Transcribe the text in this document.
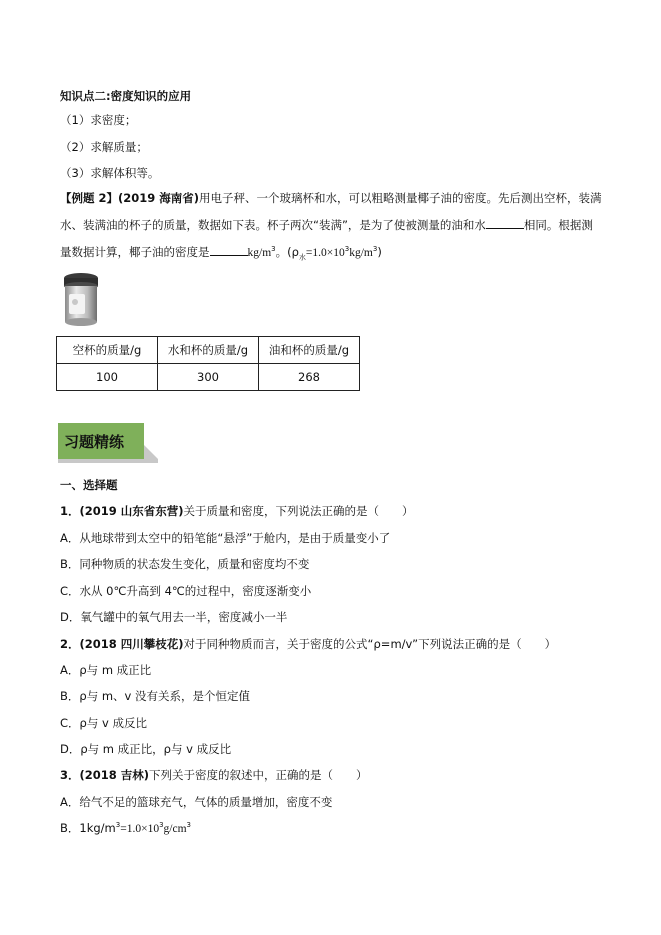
知识点二:密度知识的应用
（1）求密度；
（2）求解质量；
（3）求解体积等。
【例题 2】(2019 海南省)用电子秤、一个玻璃杯和水，可以粗略测量椰子油的密度。先后测出空杯，装满
水、装满油的杯子的质量，数据如下表。杯子两次“装满”，是为了使被测量的油和水	相同。根据测
量数据计算，椰子油的密度是	$kg/m^3$。$(\rho_水=1.0\times 10^3kg/m^3)$
空杯的质量/g	水和杯的质量/g	油和杯的质量/g
100	300	268
习题精练
一、选择题
1．(2019 山东省东营)关于质量和密度，下列说法正确的是（　　）
A．从地球带到太空中的铅笔能“悬浮”于舱内，是由于质量变小了
B．同种物质的状态发生变化，质量和密度均不变
C．水从 0℃升高到 4℃的过程中，密度逐渐变小
D．氧气罐中的氧气用去一半，密度减小一半
2．(2018 四川攀枝花)对于同种物质而言，关于密度的公式“ρ=m/v”下列说法正确的是（　　）
A．ρ与 m 成正比
B．ρ与 m、v 没有关系，是个恒定值
C．ρ与 v 成反比
D．ρ与 m 成正比，ρ与 v 成反比
3．(2018 吉林)下列关于密度的叙述中，正确的是（　　）
A．给气不足的篮球充气，气体的质量增加，密度不变
B．$1kg/m^3=1.0\times 10^3g/cm^3$
